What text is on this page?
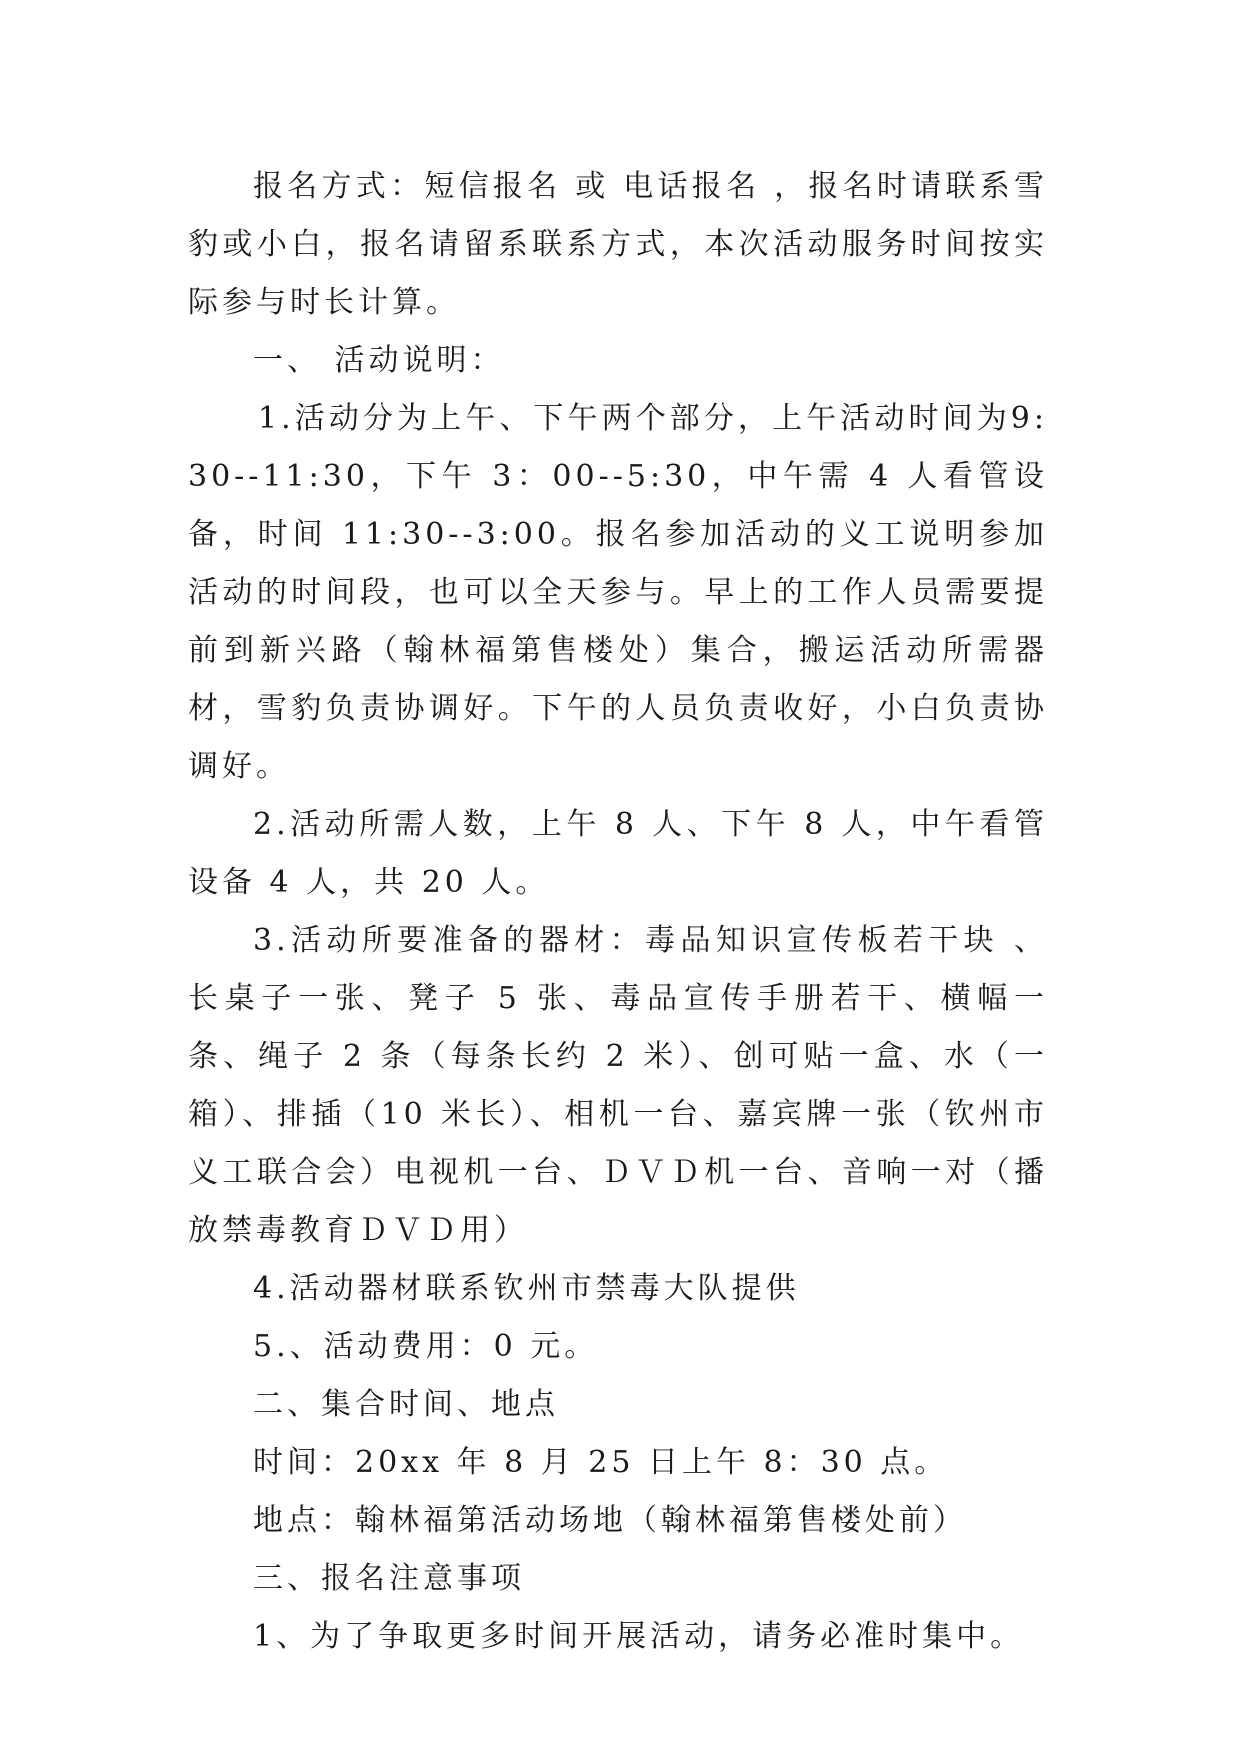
报名方式：短信报名 或 电话报名 ，报名时请联系雪豹或小白，报名请留系联系方式，本次活动服务时间按实际参与时长计算。

一、 活动说明：

1.活动分为上午、下午两个部分，上午活动时间为9:30--11:30，下午 3：00--5:30，中午需 4 人看管设备，时间 11:30--3:00。报名参加活动的义工说明参加活动的时间段，也可以全天参与。早上的工作人员需要提前到新兴路（翰林福第售楼处）集合，搬运活动所需器材，雪豹负责协调好。下午的人员负责收好，小白负责协调好。

2.活动所需人数，上午 8 人、下午 8 人，中午看管设备 4 人，共 20 人。

3.活动所要准备的器材：毒品知识宣传板若干块 、长桌子一张、凳子 5 张、毒品宣传手册若干、横幅一条、绳子 2 条（每条长约 2 米）、创可贴一盒、水（一箱）、排插（10 米长）、相机一台、嘉宾牌一张（钦州市义工联合会）电视机一台、ＤＶＤ机一台、音响一对（播放禁毒教育ＤＶＤ用）

4.活动器材联系钦州市禁毒大队提供

5.、活动费用：0 元。

二、集合时间、地点

时间：20xx 年 8 月 25 日上午 8：30 点。

地点：翰林福第活动场地（翰林福第售楼处前）

三、报名注意事项

1、为了争取更多时间开展活动，请务必准时集中。
